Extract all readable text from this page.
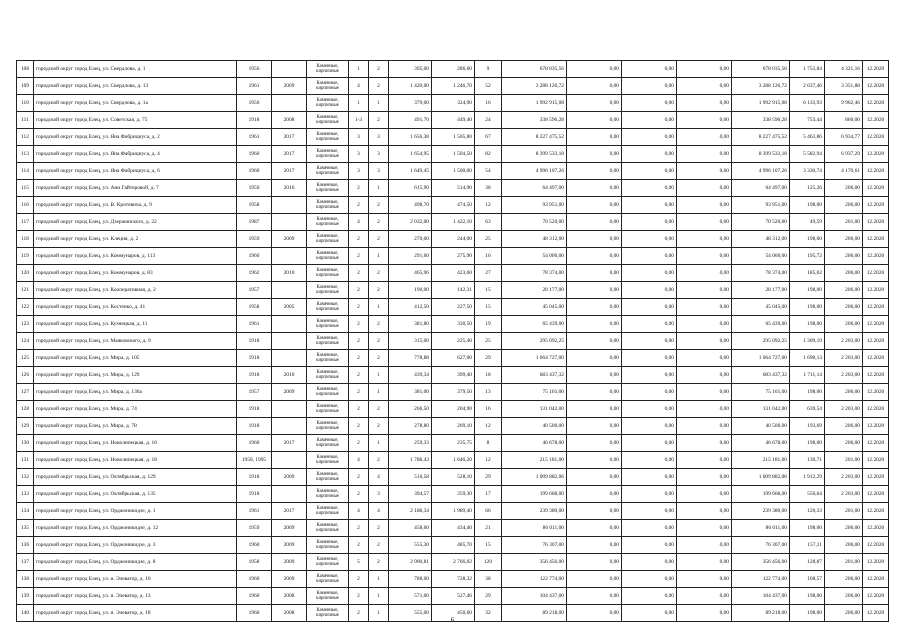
108	городской округ город Елец, ул. Свердлова, д. 1	1956		Каменные, кирпичные	1	2	395,00	286,60	9	678 035,56	0,00	0,00	0,00	678 035,56	1 753,84	4 321,16	12.2020
109	городской округ город Елец, ул. Свердлова, д. 13	1961	2009	Каменные, кирпичные	4	2	1 420,00	1 246,70	52	3 288 126,72	0,00	0,00	0,00	3 288 126,72	2 637,46	3 351,88	12.2020
110	городской округ город Елец, ул. Свердлова, д. 1а	1956		Каменные, кирпичные	1	1	379,00	324,90	16	1 992 915,08	0,00	0,00	0,00	1 992 915,08	6 133,93	9 962,46	12.2020
111	городской округ город Елец, ул. Советская, д. 75	1918	2008	Каменные, кирпичные	1-3	2	491,70	449,40	24	338 596,28	0,00	0,00	0,00	338 596,28	753,44	860,00	12.2020
112	городской округ город Елец, ул. Яна Фабрициуса, д. 2	1961	2017	Каменные, кирпичные	3	3	1 656,38	1 505,80	67	8 227 475,52	0,00	0,00	0,00	8 227 475,52	5 463,86	6 934,77	12.2020
113	городской округ город Елец, ул. Яна Фабрициуса, д. 4	1960	2017	Каменные, кирпичные	3	3	1 654,95	1 504,50	82	8 399 533,18	0,00	0,00	0,00	8 399 533,18	5 582,94	6 937,29	12.2020
114	городской округ город Елец, ул. Яна Фабрициуса, д. 6	1960	2017	Каменные, кирпичные	3	3	1 649,45	1 500,00	54	4 996 107,26	0,00	0,00	0,00	4 996 107,26	3 330,74	4 170,61	12.2020
115	городской округ город Елец, ул. Ани Гайтеровой, д. 7	1950	2016	Каменные, кирпичные	2	1	615,90	514,90	38	64 497,00	0,00	0,00	0,00	64 497,00	125,26	206,00	12.2020
116	городской округ город Елец, ул. В. Кротевича, д. 9	1958		Каменные, кирпичные	2	2	498,70	474,50	12	93 951,00	0,00	0,00	0,00	93 951,00	198,00	206,00	12.2020
117	городской округ город Елец, ул. Дзержинского, д. 22	1987		Каменные, кирпичные	4	2	2 032,00	1 422,10	63	70 520,00	0,00	0,00	0,00	70 520,00	49,59	201,00	12.2020
118	городской округ город Елец, ул. Клеция, д. 2	1959	2009	Каменные, кирпичные	2	2	270,00	244,00	25	48 312,00	0,00	0,00	0,00	48 312,00	198,00	206,00	12.2020
119	городской округ город Елец, ул. Коммунаров, д. 113	1960		Каменные, кирпичные	2	1	291,60	275,90	16	54 000,00	0,00	0,00	0,00	54 000,00	195,72	206,00	12.2020
120	городской округ город Елец, ул. Коммунаров, д. 83	1962	2010	Каменные, кирпичные	2	2	465,96	423,60	27	78 374,00	0,00	0,00	0,00	78 374,00	185,02	206,00	12.2020
121	городской округ город Елец, ул. Кооперативная, д. 2	1957		Каменные, кирпичные	2	2	190,00	142,31	15	28 177,00	0,00	0,00	0,00	28 177,00	198,00	206,00	12.2020
122	городской округ город Елец, ул. Костенко, д. 41	1958	2005	Каменные, кирпичные	2	1	412,50	227,50	15	45 045,00	0,00	0,00	0,00	45 045,00	198,00	206,00	12.2020
123	городской округ город Елец, ул. Кузнецкая, д. 11	1961		Каменные, кирпичные	2	2	381,80	330,50	19	65 439,00	0,00	0,00	0,00	65 439,00	198,00	206,00	12.2020
124	городской округ город Елец, ул. Маяковского, д. 9	1918		Каменные, кирпичные	2	2	315,00	225,40	25	295 092,25	0,00	0,00	0,00	295 092,25	1 309,19	2 203,00	12.2020
125	городской округ город Елец, ул. Мира, д. 105	1918		Каменные, кирпичные	2	2	778,88	627,00	29	1 064 727,00	0,00	0,00	0,00	1 064 727,00	1 698,13	2 203,00	12.2020
126	городской округ город Елец, ул. Мира, д. 129	1918	2010	Каменные, кирпичные	2	1	439,34	399,40	18	683 437,32	0,00	0,00	0,00	683 437,32	1 711,14	2 203,00	12.2020
127	городской округ город Елец, ул. Мира, д. 136а	1957	2009	Каменные, кирпичные	2	1	381,00	379,50	13	75 101,00	0,00	0,00	0,00	75 101,00	198,00	206,00	12.2020
128	городской округ город Елец, ул. Мира, д. 74	1918		Каменные, кирпичные	2	2	266,50	204,90	16	131 042,00	0,00	0,00	0,00	131 042,00	639,54	2 203,00	12.2020
129	городской округ город Елец, ул. Мира, д. 78	1918		Каменные, кирпичные	2	2	278,80	209,10	12	40 500,00	0,00	0,00	0,00	40 500,00	193,69	206,00	12.2020
130	городской округ город Елец, ул. Новолипецкая, д. 16	1960	2017	Каменные, кирпичные	2	1	259,33	235,75	8	46 678,00	0,00	0,00	0,00	46 678,00	198,00	206,00	12.2020
131	городской округ город Елец, ул. Новолипецкая, д. 18	1958, 1995		Каменные, кирпичные	4	2	1 788,43	1 646,20	12	215 181,00	0,00	0,00	0,00	215 181,00	130,71	201,00	12.2020
132	городской округ город Елец, ул. Октябрьская, д. 129	1918	2009	Каменные, кирпичные	2	4	516,58	528,10	29	1 009 882,06	0,00	0,00	0,00	1 009 882,06	1 912,29	2 203,00	12.2020
133	городской округ город Елец, ул. Октябрьская, д. 135	1918		Каменные, кирпичные	2	3	394,57	359,30	17	199 668,00	0,00	0,00	0,00	199 668,00	556,64	2 203,00	12.2020
134	городской округ город Елец, ул. Орджоникидзе, д. 1	1961	2017	Каменные, кирпичные	4	4	2 188,34	1 989,40	66	239 380,00	0,00	0,00	0,00	239 380,00	120,33	201,00	12.2020
135	городской округ город Елец, ул. Орджоникидзе, д. 12	1959	2009	Каменные, кирпичные	2	2	458,60	434,40	21	86 011,00	0,00	0,00	0,00	86 011,00	198,00	206,00	12.2020
136	городской округ город Елец, ул. Орджоникидзе, д. 3	1960	2009	Каменные, кирпичные	2	2	555,30	485,70	15	76 307,00	0,00	0,00	0,00	76 307,00	157,11	206,00	12.2020
137	городской округ город Елец, ул. Орджоникидзе, д. 8	1958	2009	Каменные, кирпичные	5	2	2 900,81	2 766,02	120	356 456,00	0,00	0,00	0,00	356 456,00	128,87	201,00	12.2020
138	городской округ город Елец, ул. и. Элеватор, д. 10	1960	2009	Каменные, кирпичные	2	1	788,00	728,32	38	122 774,00	0,00	0,00	0,00	122 774,00	168,57	206,00	12.2020
139	городской округ город Елец, ул. и. Элеватор, д. 13	1960	2008	Каменные, кирпичные	2	1	571,00	527,46	29	104 437,00	0,00	0,00	0,00	104 437,00	198,00	206,00	12.2020
140	городской округ город Елец, ул. и. Элеватор, д. 18	1960	2008	Каменные, кирпичные	2	1	555,00	450,60	32	89 218,00	0,00	0,00	0,00	89 218,00	198,00	206,00	12.2020
6
